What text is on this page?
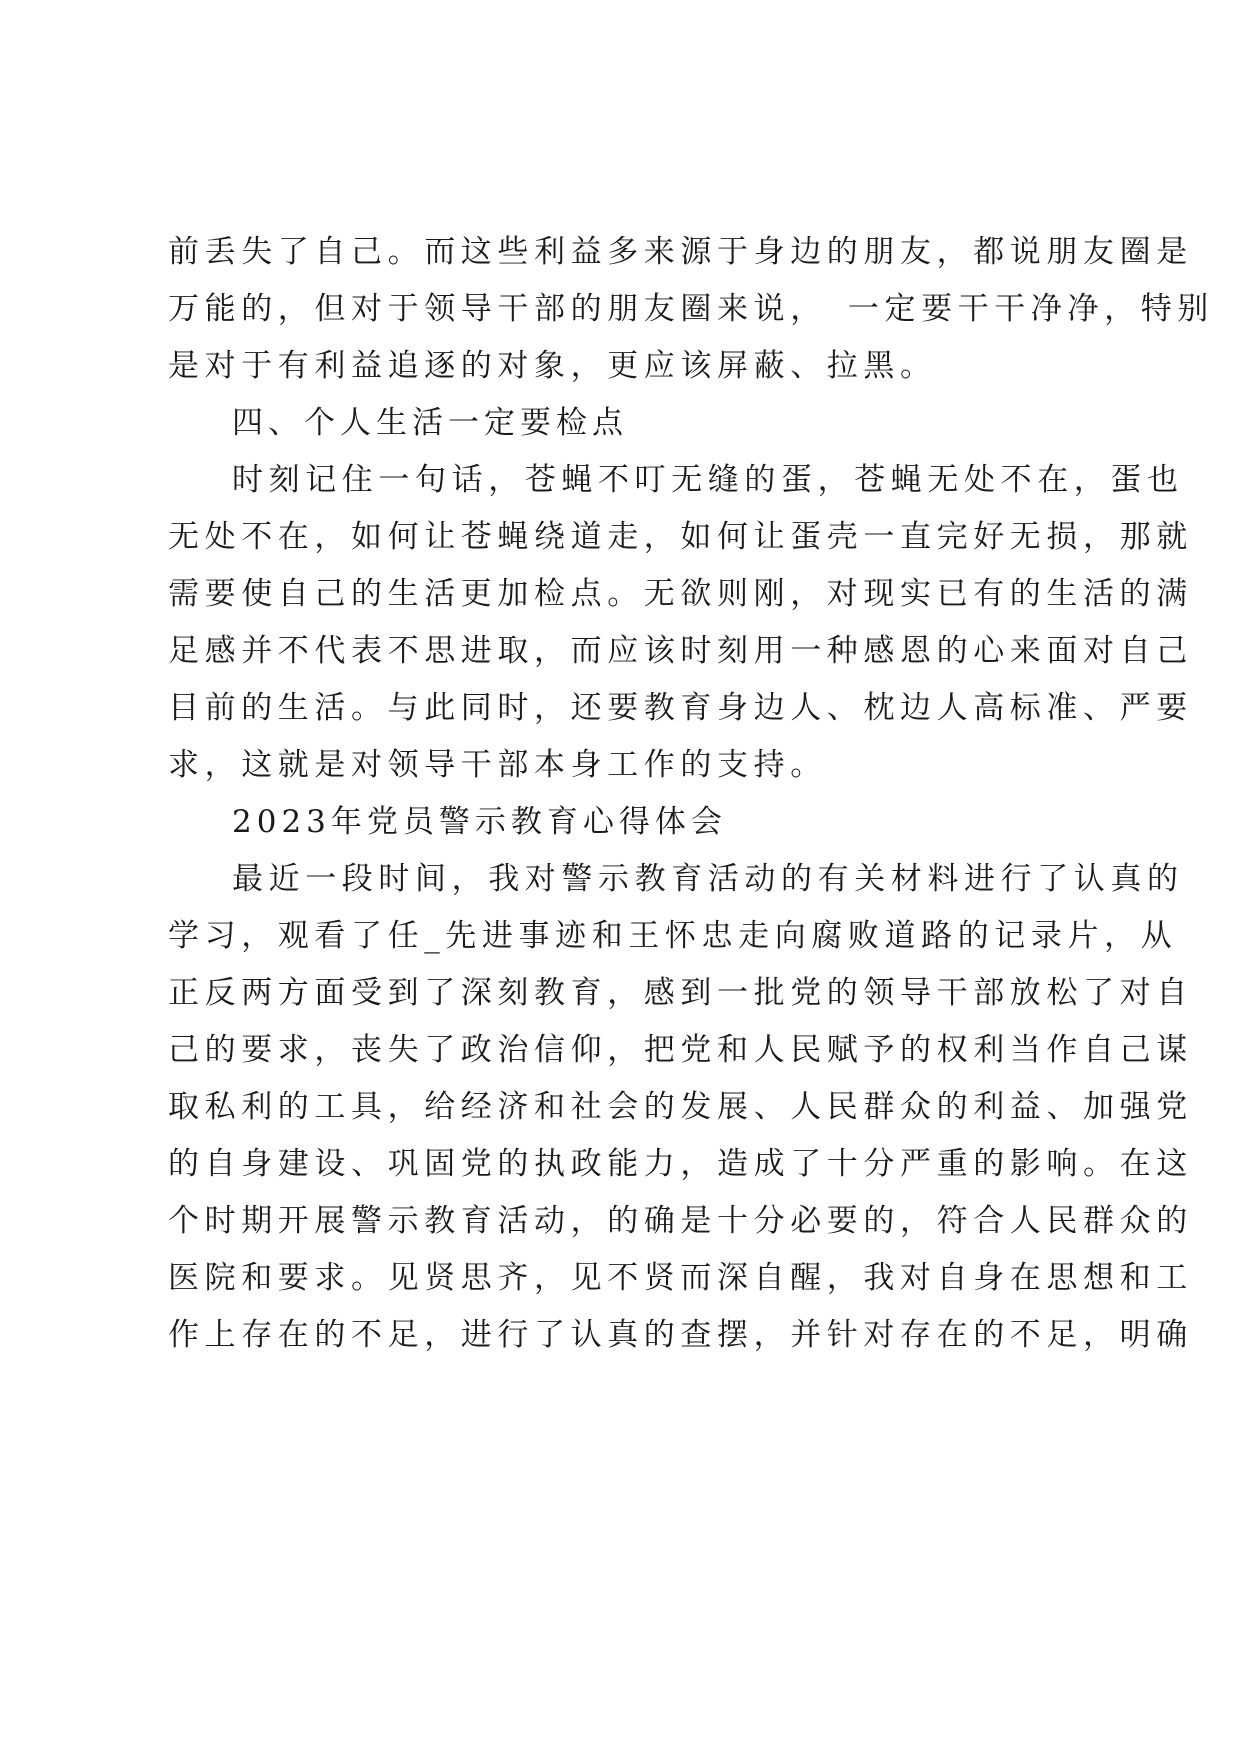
前丢失了自己。而这些利益多来源于身边的朋友，都说朋友圈是
万能的，但对于领导干部的朋友圈来说，　一定要干干净净，特别
是对于有利益追逐的对象，更应该屏蔽、拉黑。
四、个人生活一定要检点
时刻记住一句话，苍蝇不叮无缝的蛋，苍蝇无处不在，蛋也
无处不在，如何让苍蝇绕道走，如何让蛋壳一直完好无损，那就
需要使自己的生活更加检点。无欲则刚，对现实已有的生活的满
足感并不代表不思进取，而应该时刻用一种感恩的心来面对自己
目前的生活。与此同时，还要教育身边人、枕边人高标准、严要
求，这就是对领导干部本身工作的支持。
2023年党员警示教育心得体会
最近一段时间，我对警示教育活动的有关材料进行了认真的
学习，观看了任_先进事迹和王怀忠走向腐败道路的记录片，从
正反两方面受到了深刻教育，感到一批党的领导干部放松了对自
己的要求，丧失了政治信仰，把党和人民赋予的权利当作自己谋
取私利的工具，给经济和社会的发展、人民群众的利益、加强党
的自身建设、巩固党的执政能力，造成了十分严重的影响。在这
个时期开展警示教育活动，的确是十分必要的，符合人民群众的
医院和要求。见贤思齐，见不贤而深自醒，我对自身在思想和工
作上存在的不足，进行了认真的查摆，并针对存在的不足，明确
